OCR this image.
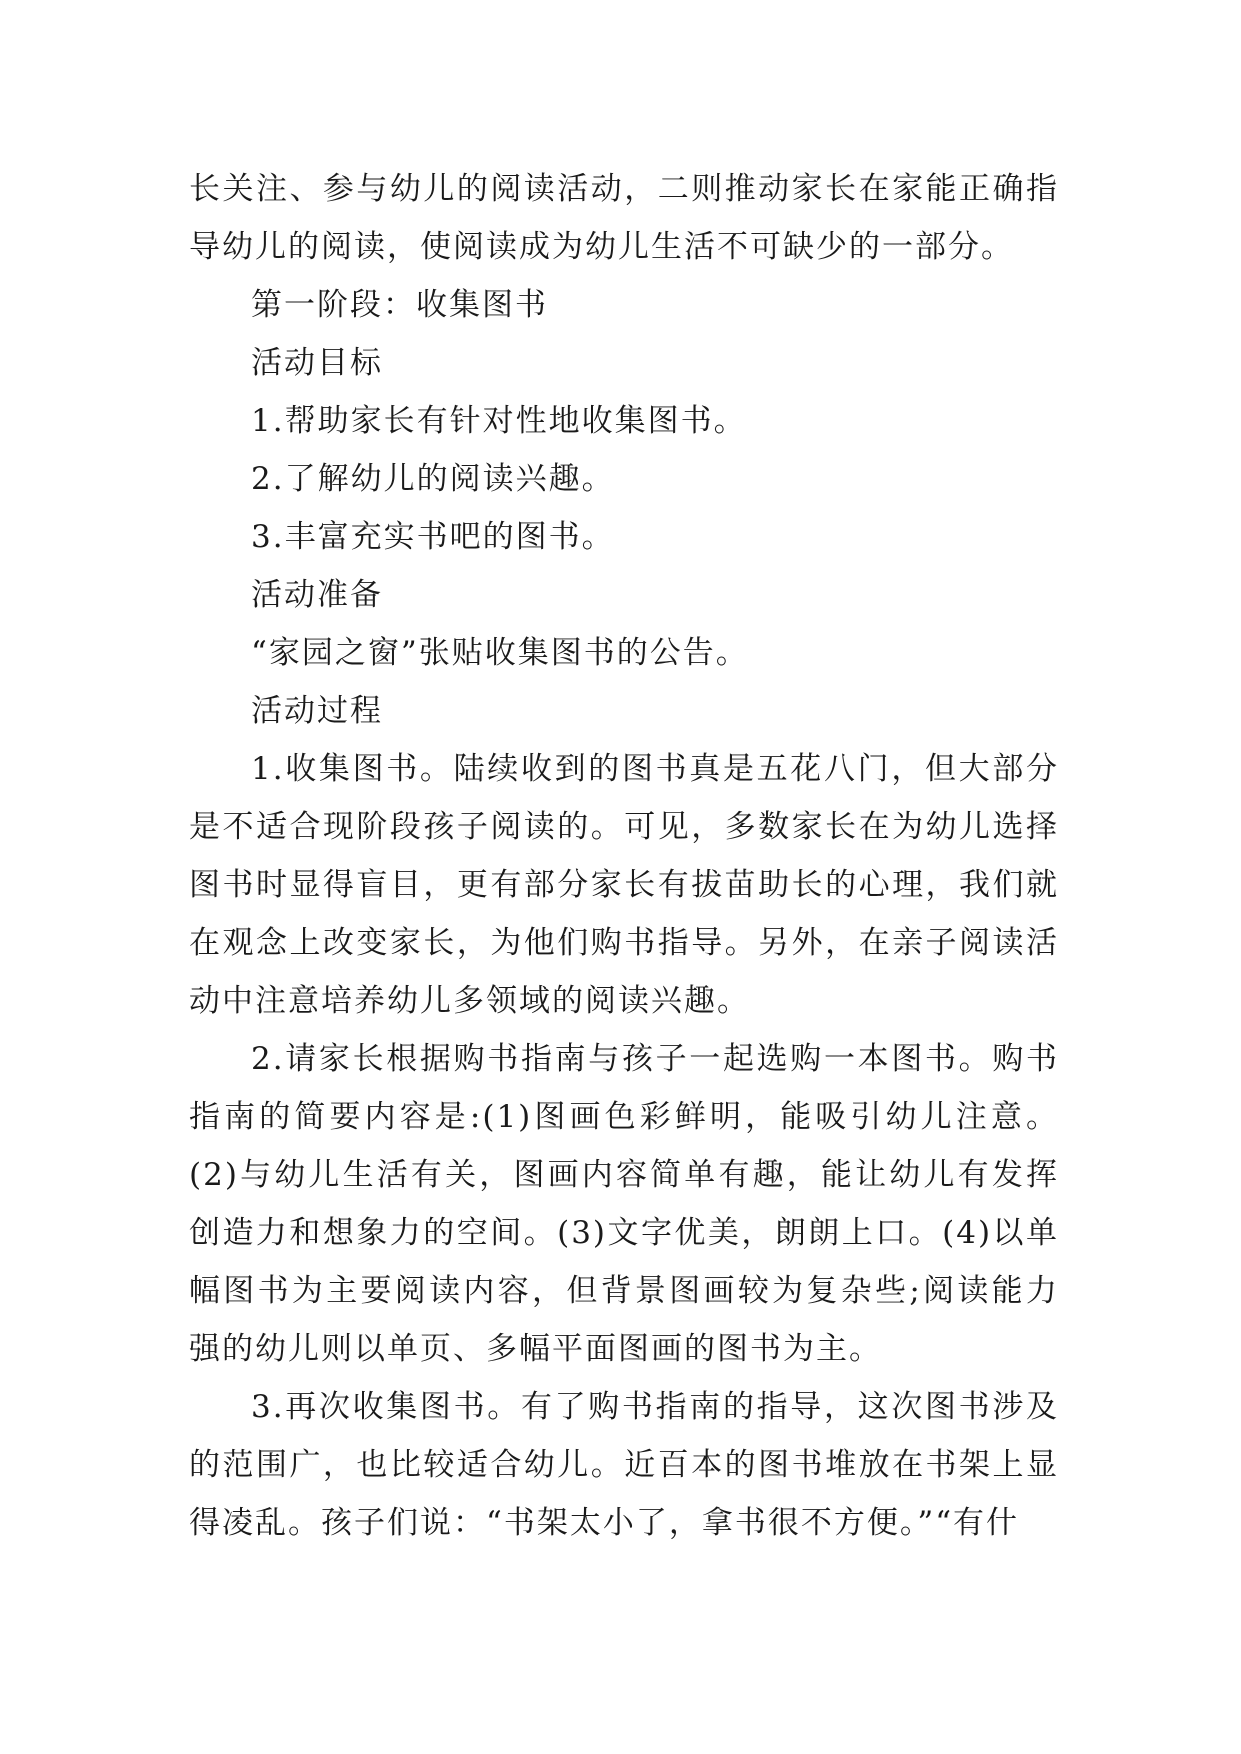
长关注、参与幼儿的阅读活动，二则推动家长在家能正确指导幼儿的阅读，使阅读成为幼儿生活不可缺少的一部分。

第一阶段：收集图书

活动目标

1.帮助家长有针对性地收集图书。

2.了解幼儿的阅读兴趣。

3.丰富充实书吧的图书。

活动准备

“家园之窗”张贴收集图书的公告。

活动过程

1.收集图书。陆续收到的图书真是五花八门，但大部分是不适合现阶段孩子阅读的。可见，多数家长在为幼儿选择图书时显得盲目，更有部分家长有拔苗助长的心理，我们就在观念上改变家长，为他们购书指导。另外，在亲子阅读活动中注意培养幼儿多领域的阅读兴趣。

2.请家长根据购书指南与孩子一起选购一本图书。购书指南的简要内容是:(1)图画色彩鲜明，能吸引幼儿注意。(2)与幼儿生活有关，图画内容简单有趣，能让幼儿有发挥创造力和想象力的空间。(3)文字优美，朗朗上口。(4)以单幅图书为主要阅读内容，但背景图画较为复杂些;阅读能力强的幼儿则以单页、多幅平面图画的图书为主。

3.再次收集图书。有了购书指南的指导，这次图书涉及的范围广，也比较适合幼儿。近百本的图书堆放在书架上显得凌乱。孩子们说：“书架太小了，拿书很不方便。”“有什
